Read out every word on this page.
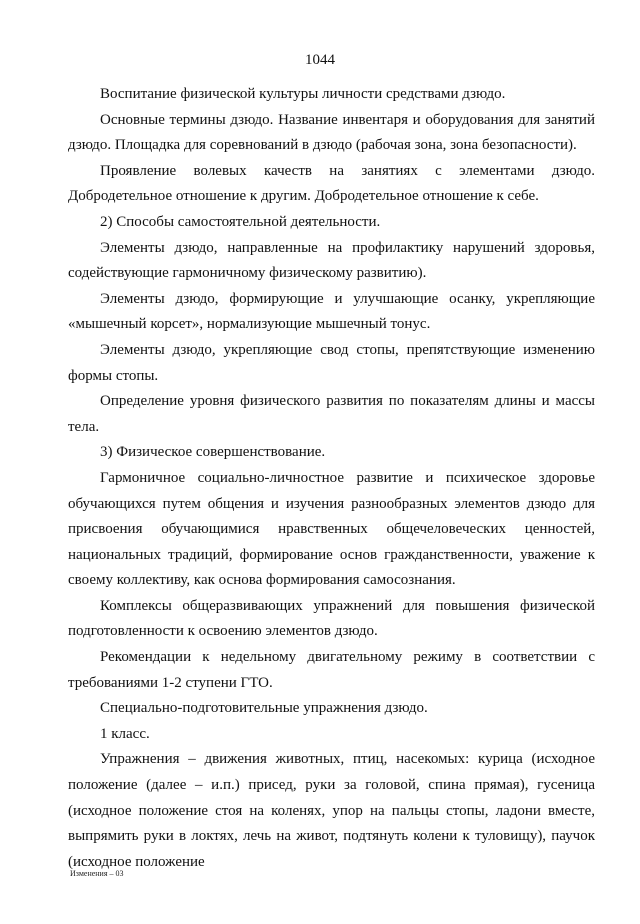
1044

Воспитание физической культуры личности средствами дзюдо.

Основные термины дзюдо. Название инвентаря и оборудования для занятий дзюдо. Площадка для соревнований в дзюдо (рабочая зона, зона безопасности).

Проявление волевых качеств на занятиях с элементами дзюдо. Добродетельное отношение к другим. Добродетельное отношение к себе.

2) Способы самостоятельной деятельности.

Элементы дзюдо, направленные на профилактику нарушений здоровья, содействующие гармоничному физическому развитию).

Элементы дзюдо, формирующие и улучшающие осанку, укрепляющие «мышечный корсет», нормализующие мышечный тонус.

Элементы дзюдо, укрепляющие свод стопы, препятствующие изменению формы стопы.

Определение уровня физического развития по показателям длины и массы тела.

3) Физическое совершенствование.

Гармоничное социально-личностное развитие и психическое здоровье обучающихся путем общения и изучения разнообразных элементов дзюдо для присвоения обучающимися нравственных общечеловеческих ценностей, национальных традиций, формирование основ гражданственности, уважение к своему коллективу, как основа формирования самосознания.

Комплексы общеразвивающих упражнений для повышения физической подготовленности к освоению элементов дзюдо.

Рекомендации к недельному двигательному режиму в соответствии с требованиями 1-2 ступени ГТО.

Специально-подготовительные упражнения дзюдо.

1 класс.

Упражнения – движения животных, птиц, насекомых: курица (исходное положение (далее – и.п.) присед, руки за головой, спина прямая), гусеница (исходное положение стоя на коленях, упор на пальцы стопы, ладони вместе, выпрямить руки в локтях, лечь на живот, подтянуть колени к туловищу), паучок (исходное положение

Изменения – 03
